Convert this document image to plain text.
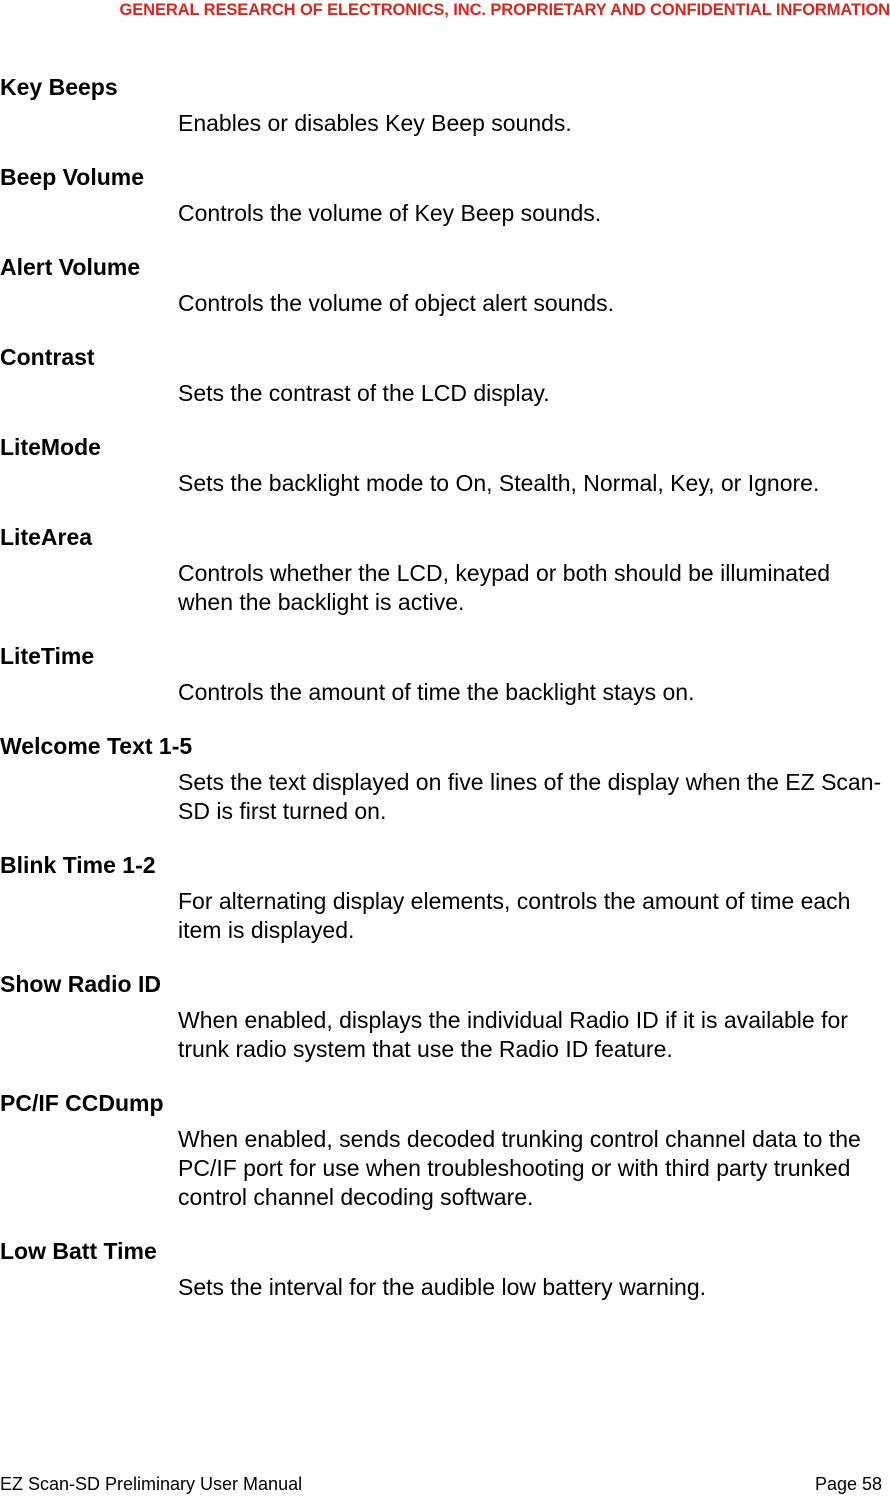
GENERAL RESEARCH OF ELECTRONICS, INC. PROPRIETARY AND CONFIDENTIAL INFORMATION
Key Beeps
Enables or disables Key Beep sounds.
Beep Volume
Controls the volume of Key Beep sounds.
Alert Volume
Controls the volume of object alert sounds.
Contrast
Sets the contrast of the LCD display.
LiteMode
Sets the backlight mode to On, Stealth, Normal, Key, or Ignore.
LiteArea
Controls whether the LCD, keypad or both should be illuminated when the backlight is active.
LiteTime
Controls the amount of time the backlight stays on.
Welcome Text 1-5
Sets the text displayed on five lines of the display when the EZ Scan-SD is first turned on.
Blink Time 1-2
For alternating display elements, controls the amount of time each item is displayed.
Show Radio ID
When enabled, displays the individual Radio ID if it is available for trunk radio system that use the Radio ID feature.
PC/IF CCDump
When enabled, sends decoded trunking control channel data to the PC/IF port for use when troubleshooting or with third party trunked control channel decoding software.
Low Batt Time
Sets the interval for the audible low battery warning.
EZ Scan-SD Preliminary User Manual	Page 58
